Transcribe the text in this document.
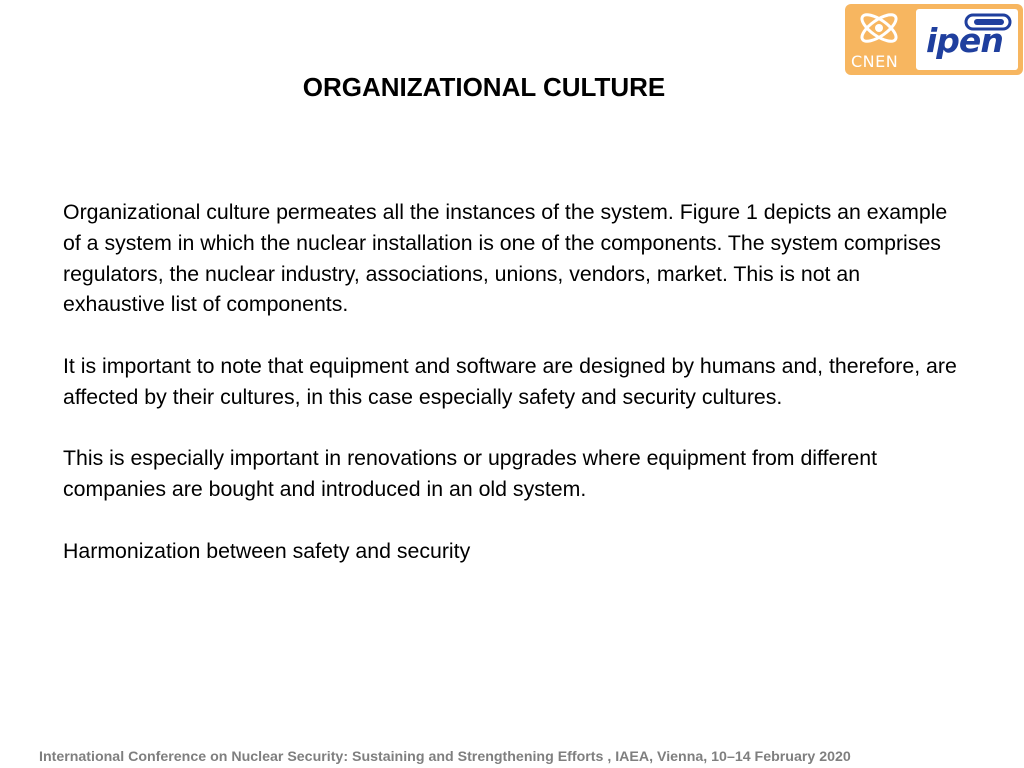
CNEN
ipen
ORGANIZATIONAL CULTURE

Organizational culture permeates all the instances of the system. Figure 1 depicts an example of a system in which the nuclear installation is one of the components. The system comprises regulators, the nuclear industry, associations, unions, vendors, market. This is not an exhaustive list of components.

It is important to note that equipment and software are designed by humans and, therefore, are affected by their cultures, in this case especially safety and security cultures.

This is especially important in renovations or upgrades where equipment from different companies are bought and introduced in an old system.

Harmonization between safety and security

International Conference on Nuclear Security: Sustaining and Strengthening Efforts , IAEA, Vienna, 10–14 February 2020
